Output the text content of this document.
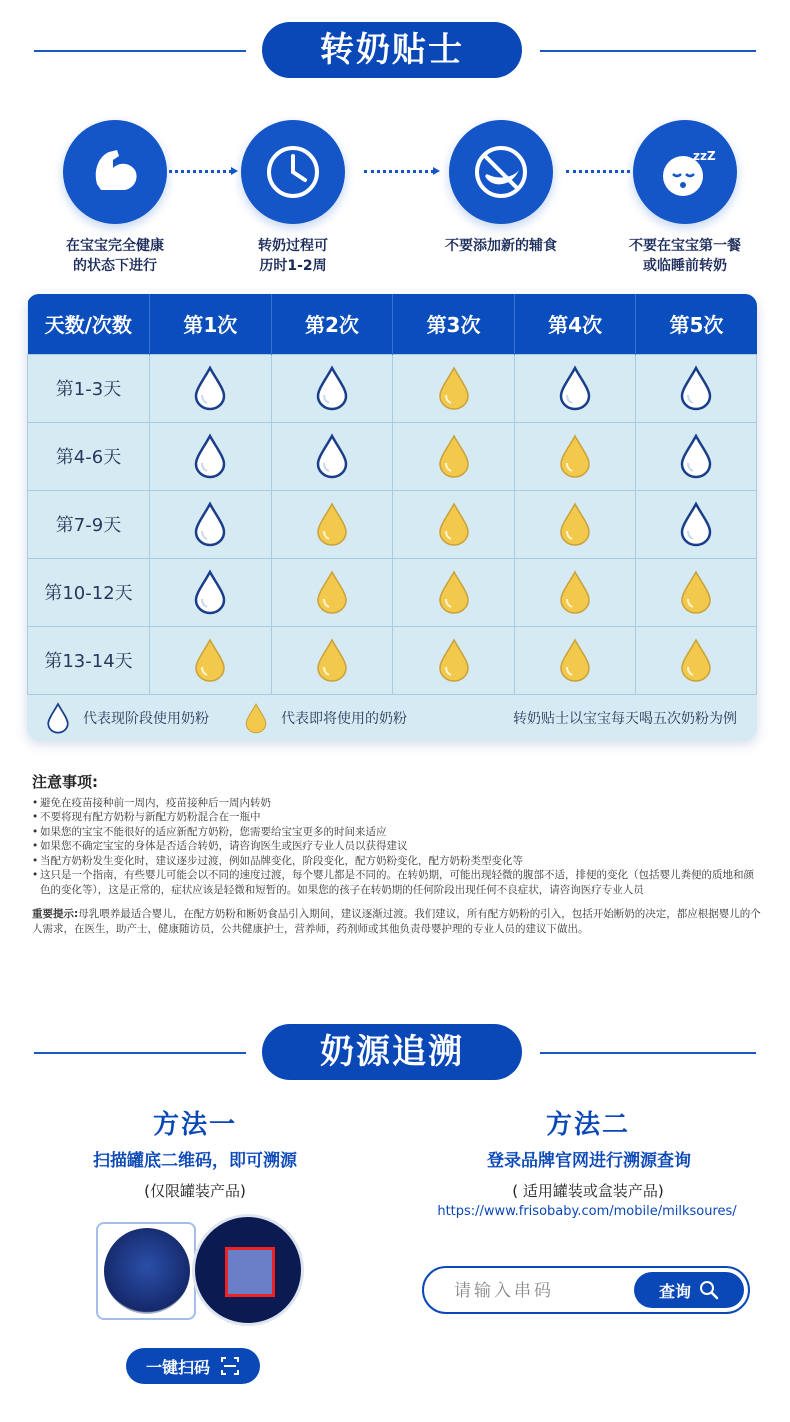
转奶贴士
在宝宝完全健康
的状态下进行
转奶过程可
历时1-2周
不要添加新的辅食
zzZ
不要在宝宝第一餐
或临睡前转奶
天数/次数	第1次	第2次	第3次	第4次	第5次
第1-3天					
第4-6天					
第7-9天					
第10-12天					
第13-14天					
代表现阶段使用奶粉	代表即将使用的奶粉	转奶贴士以宝宝每天喝五次奶粉为例
注意事项:
• 避免在疫苗接种前一周内，疫苗接种后一周内转奶
• 不要将现有配方奶粉与新配方奶粉混合在一瓶中
• 如果您的宝宝不能很好的适应新配方奶粉，您需要给宝宝更多的时间来适应
• 如果您不确定宝宝的身体是否适合转奶，请咨询医生或医疗专业人员以获得建议
• 当配方奶粉发生变化时，建议逐步过渡，例如品牌变化，阶段变化，配方奶粉变化，配方奶粉类型变化等
• 这只是一个指南，有些婴儿可能会以不同的速度过渡，每个婴儿都是不同的。在转奶期，可能出现轻微的腹部不适，排便的变化（包括婴儿粪便的质地和颜色的变化等），这是正常的，症状应该是轻微和短暂的。如果您的孩子在转奶期的任何阶段出现任何不良症状，请咨询医疗专业人员
重要提示:母乳喂养最适合婴儿，在配方奶粉和断奶食品引入期间，建议逐渐过渡。我们建议，所有配方奶粉的引入，包括开始断奶的决定，都应根据婴儿的个人需求，在医生，助产士，健康随访员，公共健康护士，营养师，药剂师或其他负责母婴护理的专业人员的建议下做出。
奶源追溯
方法一
扫描罐底二维码，即可溯源
(仅限罐装产品)
一键扫码
方法二
登录品牌官网进行溯源查询
( 适用罐装或盒装产品)
https://www.frisobaby.com/mobile/milksoures/
请输入串码
查询
